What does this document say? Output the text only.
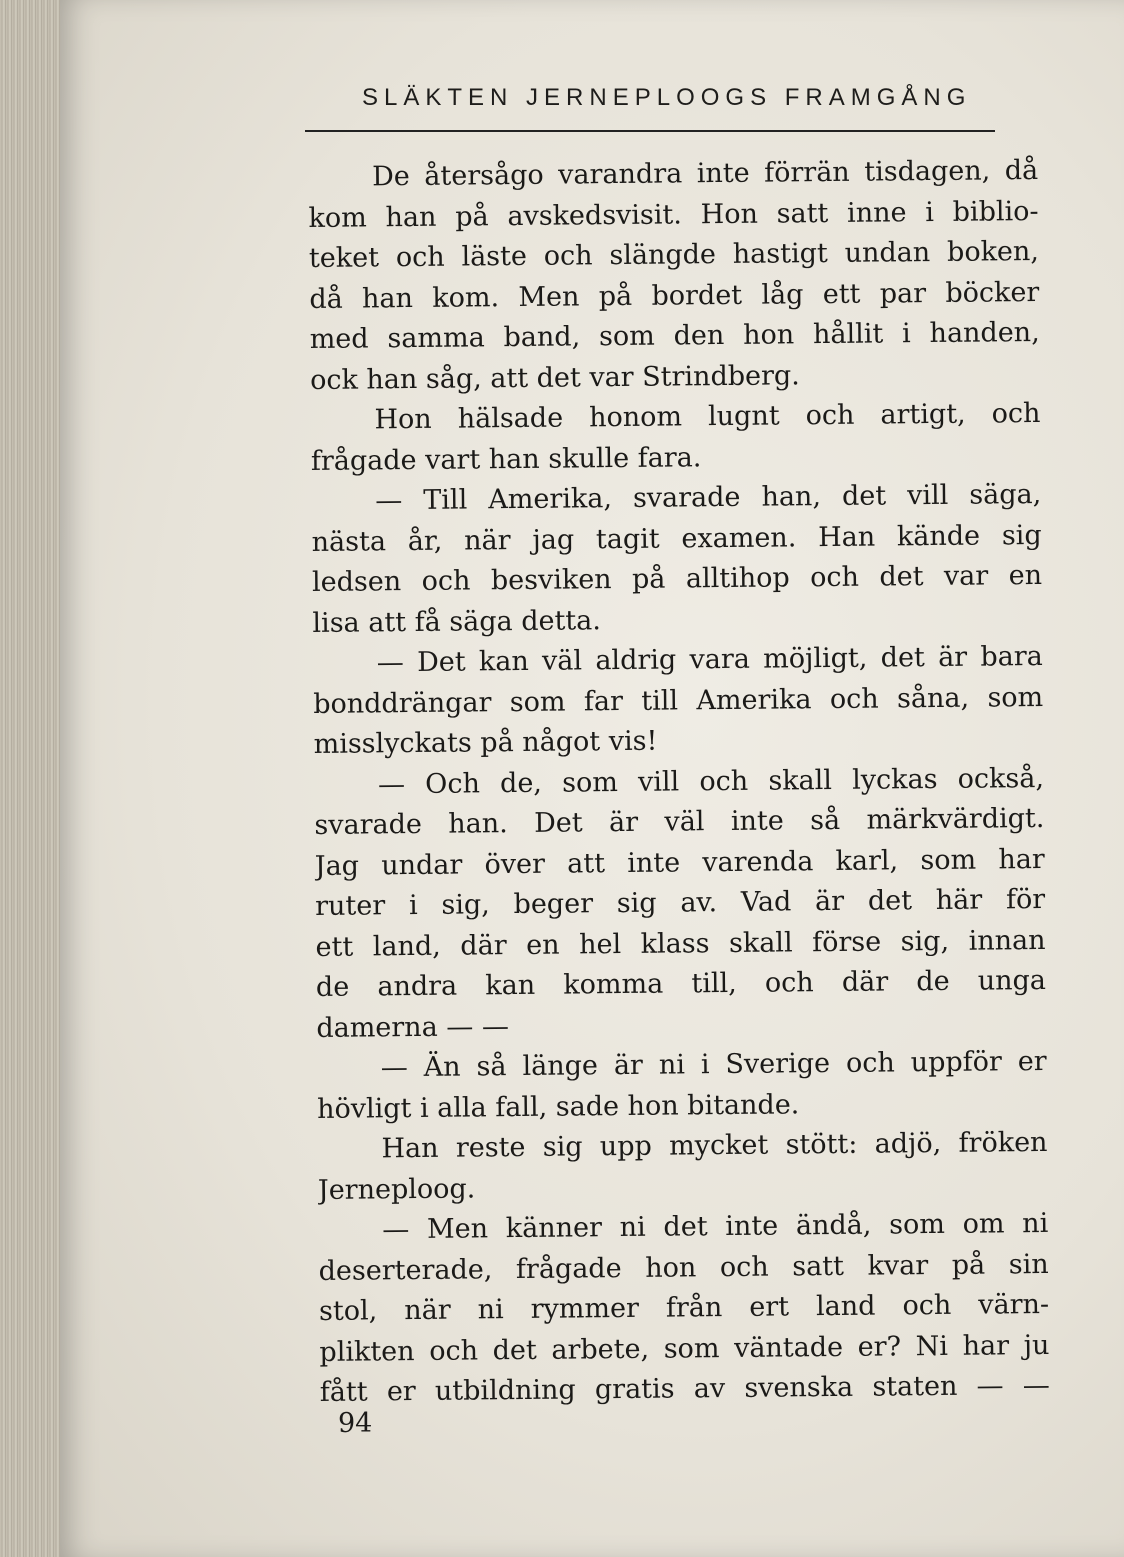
SLÄKTEN JERNEPLOOGS FRAMGÅNG
De återsågo varandra inte förrän tisdagen, då
kom han på avskedsvisit. Hon satt inne i biblio-
teket och läste och slängde hastigt undan boken,
då han kom. Men på bordet låg ett par böcker
med samma band, som den hon hållit i handen,
ock han såg, att det var Strindberg.
Hon hälsade honom lugnt och artigt, och
frågade vart han skulle fara.
— Till Amerika, svarade han, det vill säga,
nästa år, när jag tagit examen. Han kände sig
ledsen och besviken på alltihop och det var en
lisa att få säga detta.
— Det kan väl aldrig vara möjligt, det är bara
bonddrängar som far till Amerika och såna, som
misslyckats på något vis!
— Och de, som vill och skall lyckas också,
svarade han. Det är väl inte så märkvärdigt.
Jag undar över att inte varenda karl, som har
ruter i sig, beger sig av. Vad är det här för
ett land, där en hel klass skall förse sig, innan
de andra kan komma till, och där de unga
damerna — —
— Än så länge är ni i Sverige och uppför er
hövligt i alla fall, sade hon bitande.
Han reste sig upp mycket stött: adjö, fröken
Jerneploog.
— Men känner ni det inte ändå, som om ni
deserterade, frågade hon och satt kvar på sin
stol, när ni rymmer från ert land och värn-
plikten och det arbete, som väntade er? Ni har ju
fått er utbildning gratis av svenska staten — —
94
